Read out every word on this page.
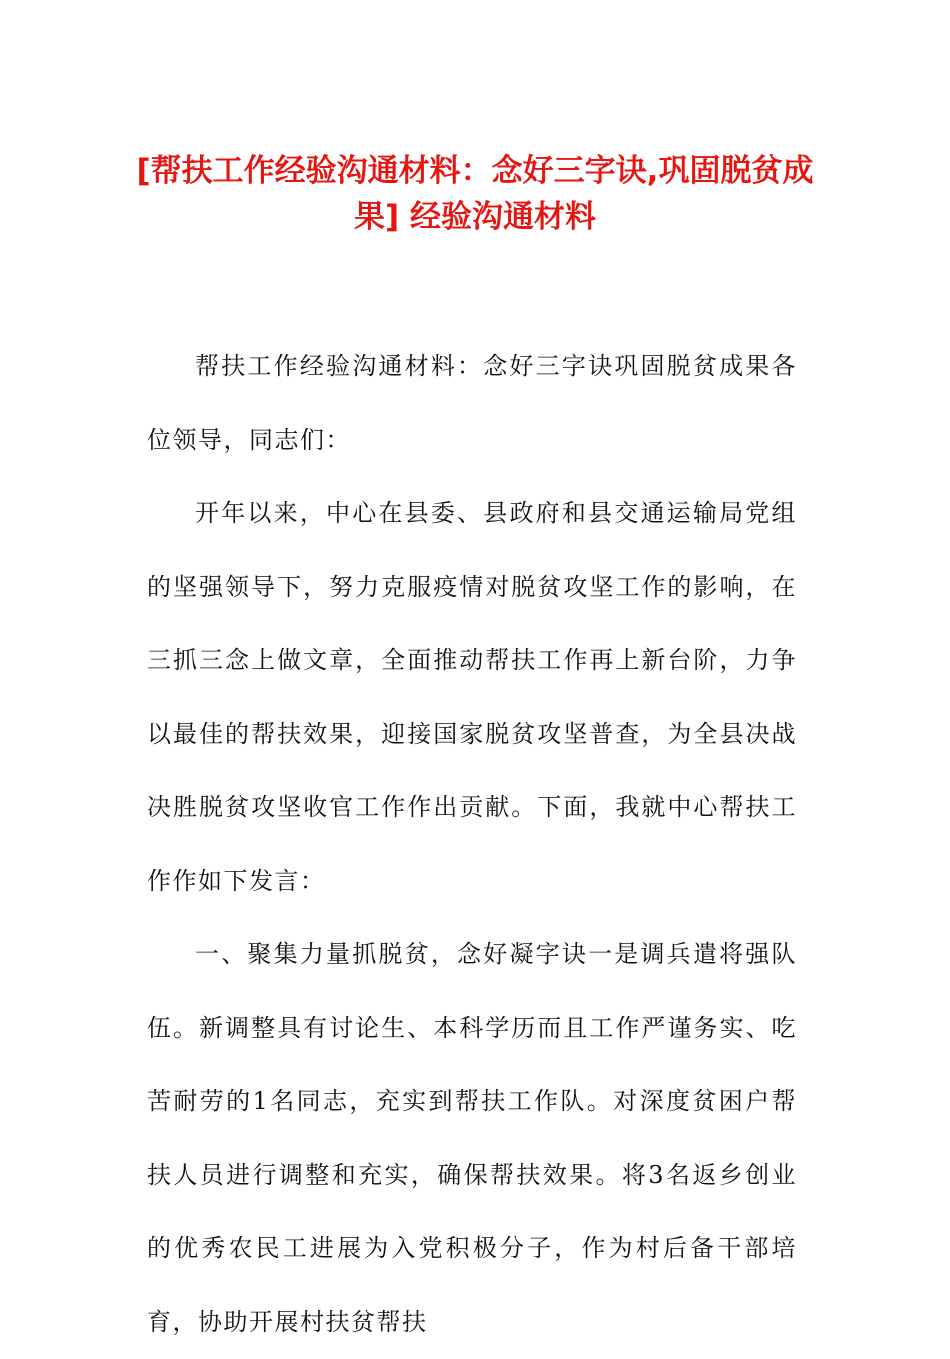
[帮扶工作经验沟通材料：念好三字诀,巩固脱贫成果] 经验沟通材料

帮扶工作经验沟通材料：念好三字诀巩固脱贫成果各位领导，同志们：

开年以来，中心在县委、县政府和县交通运输局党组的坚强领导下，努力克服疫情对脱贫攻坚工作的影响，在三抓三念上做文章，全面推动帮扶工作再上新台阶，力争以最佳的帮扶效果，迎接国家脱贫攻坚普查，为全县决战决胜脱贫攻坚收官工作作出贡献。下面，我就中心帮扶工作作如下发言：

一、聚集力量抓脱贫，念好凝字诀一是调兵遣将强队伍。新调整具有讨论生、本科学历而且工作严谨务实、吃苦耐劳的1名同志，充实到帮扶工作队。对深度贫困户帮扶人员进行调整和充实，确保帮扶效果。将3名返乡创业的优秀农民工进展为入党积极分子，作为村后备干部培育，协助开展村扶贫帮扶
